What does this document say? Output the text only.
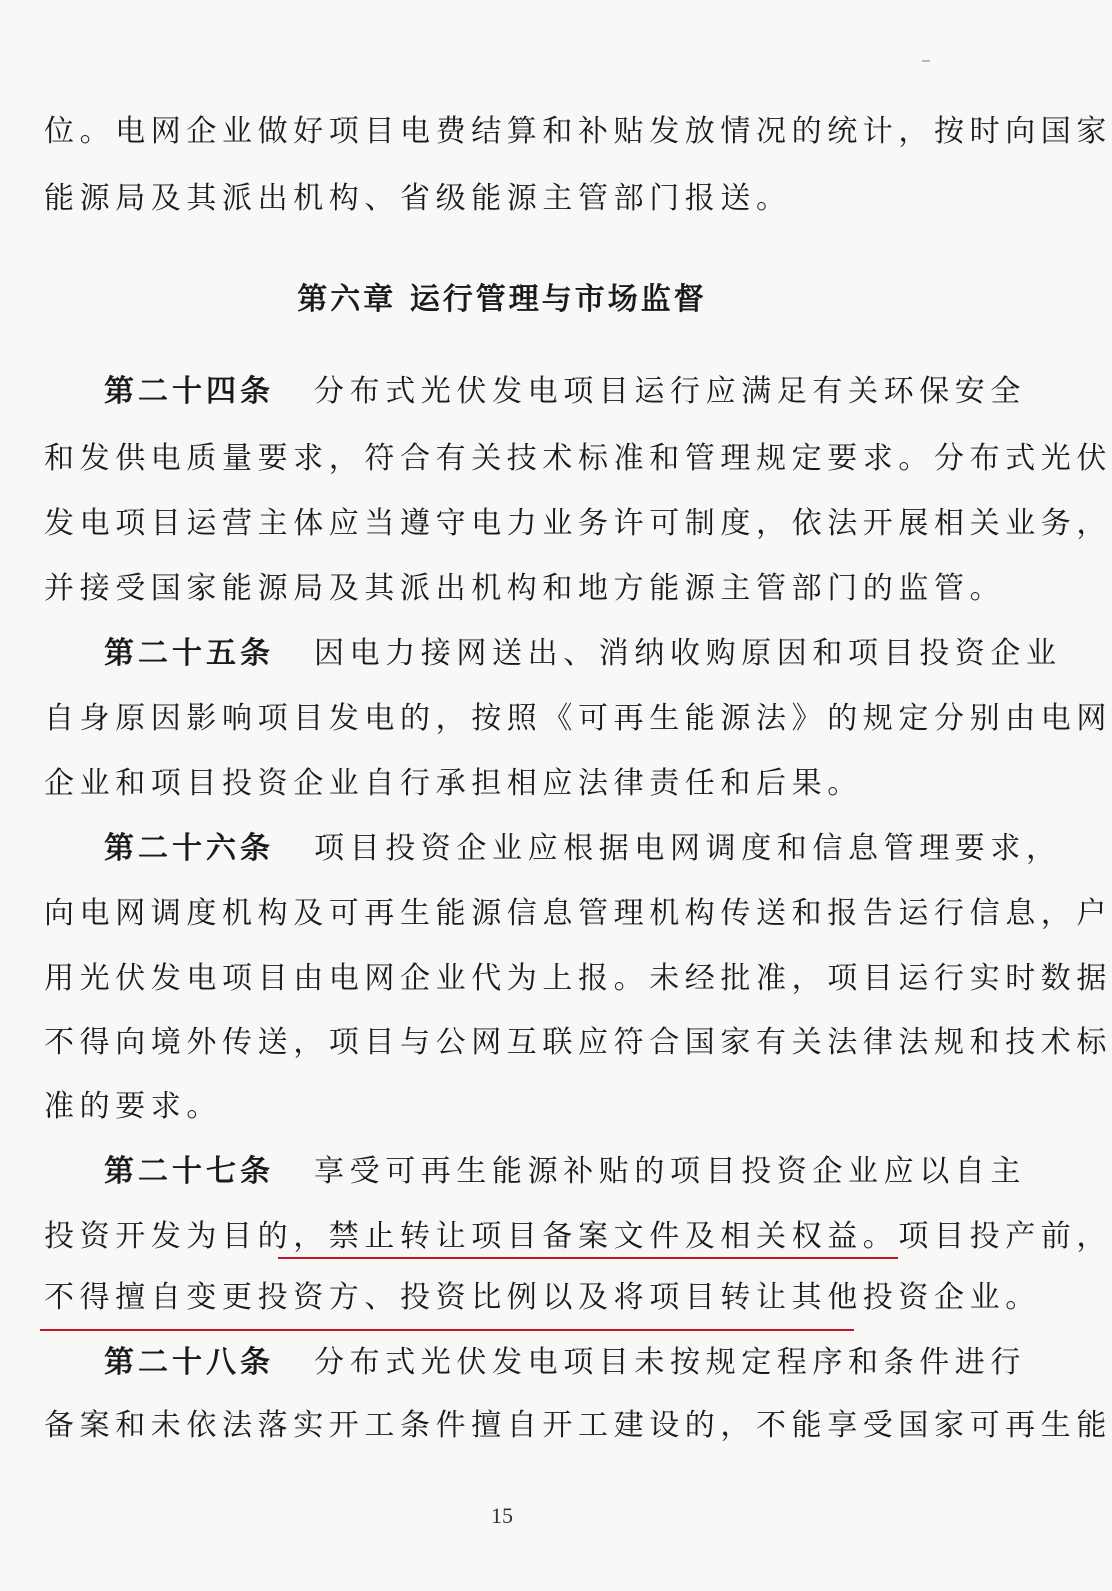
位。电网企业做好项目电费结算和补贴发放情况的统计，按时向国家
能源局及其派出机构、省级能源主管部门报送。
第六章 运行管理与市场监督
第二十四条 分布式光伏发电项目运行应满足有关环保安全
和发供电质量要求，符合有关技术标准和管理规定要求。分布式光伏
发电项目运营主体应当遵守电力业务许可制度，依法开展相关业务，
并接受国家能源局及其派出机构和地方能源主管部门的监管。
第二十五条 因电力接网送出、消纳收购原因和项目投资企业
自身原因影响项目发电的，按照《可再生能源法》的规定分别由电网
企业和项目投资企业自行承担相应法律责任和后果。
第二十六条 项目投资企业应根据电网调度和信息管理要求，
向电网调度机构及可再生能源信息管理机构传送和报告运行信息，户
用光伏发电项目由电网企业代为上报。未经批准，项目运行实时数据
不得向境外传送，项目与公网互联应符合国家有关法律法规和技术标
准的要求。
第二十七条 享受可再生能源补贴的项目投资企业应以自主
投资开发为目的，禁止转让项目备案文件及相关权益。项目投产前，
不得擅自变更投资方、投资比例以及将项目转让其他投资企业。
第二十八条 分布式光伏发电项目未按规定程序和条件进行
备案和未依法落实开工条件擅自开工建设的，不能享受国家可再生能
15
